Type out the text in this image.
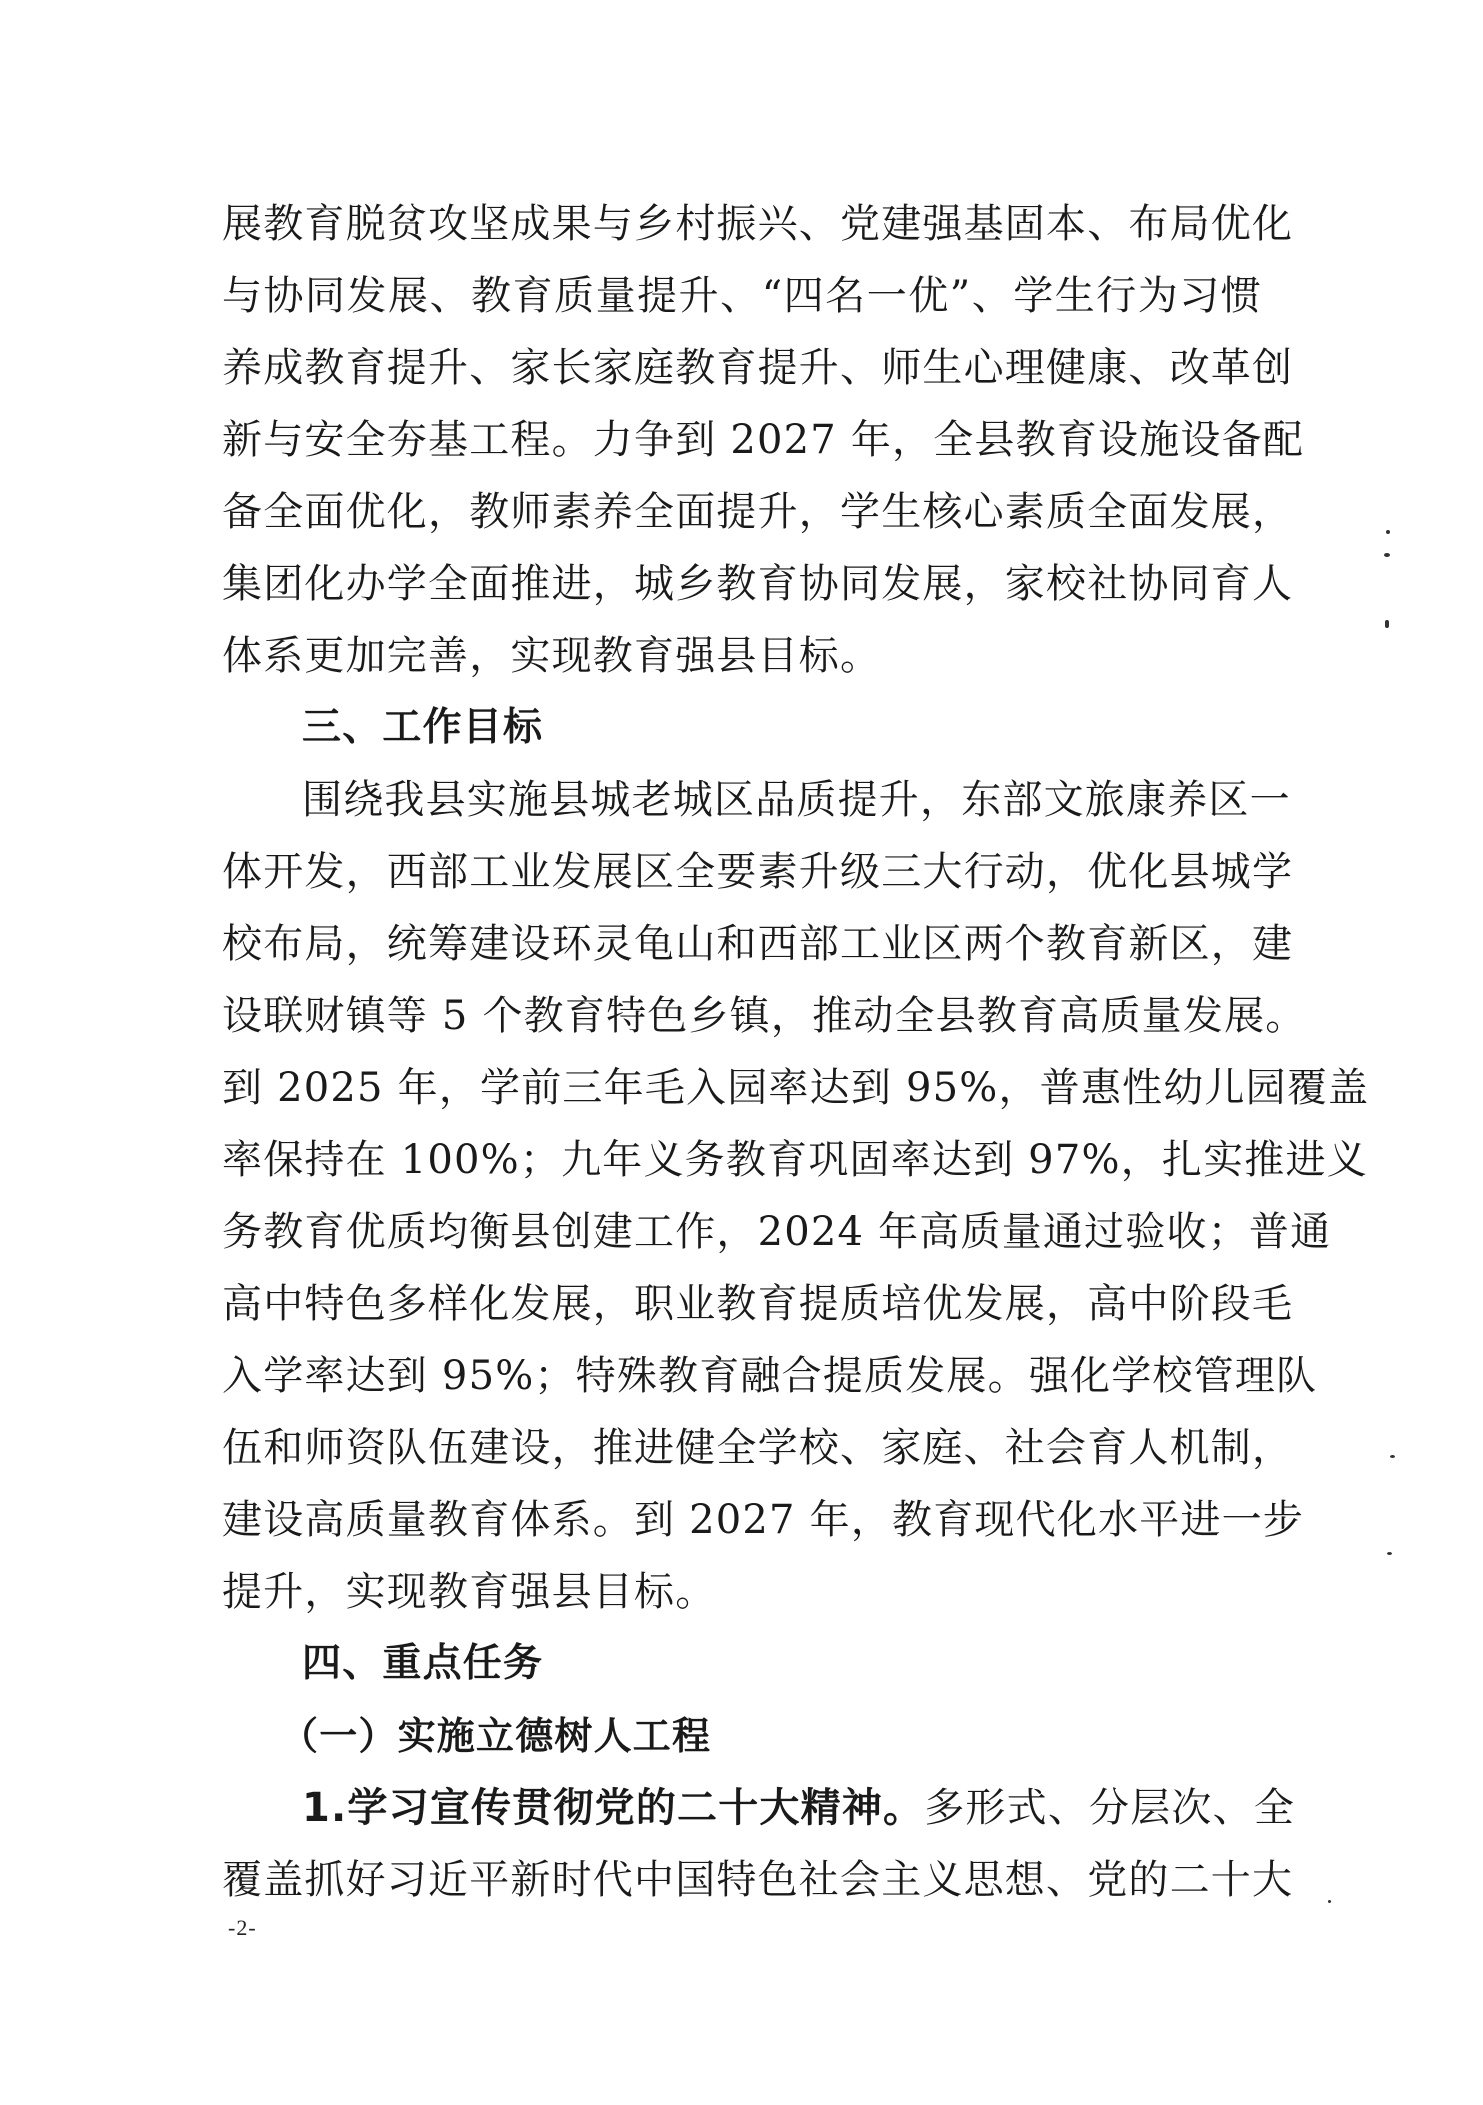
展教育脱贫攻坚成果与乡村振兴、党建强基固本、布局优化
与协同发展、教育质量提升、“四名一优”、学生行为习惯
养成教育提升、家长家庭教育提升、师生心理健康、改革创
新与安全夯基工程。力争到 2027 年，全县教育设施设备配
备全面优化，教师素养全面提升，学生核心素质全面发展，
集团化办学全面推进，城乡教育协同发展，家校社协同育人
体系更加完善，实现教育强县目标。
三、工作目标
围绕我县实施县城老城区品质提升，东部文旅康养区一
体开发，西部工业发展区全要素升级三大行动，优化县城学
校布局，统筹建设环灵龟山和西部工业区两个教育新区，建
设联财镇等 5 个教育特色乡镇，推动全县教育高质量发展。
到 2025 年，学前三年毛入园率达到 95%，普惠性幼儿园覆盖
率保持在 100%；九年义务教育巩固率达到 97%，扎实推进义
务教育优质均衡县创建工作，2024 年高质量通过验收；普通
高中特色多样化发展，职业教育提质培优发展，高中阶段毛
入学率达到 95%；特殊教育融合提质发展。强化学校管理队
伍和师资队伍建设，推进健全学校、家庭、社会育人机制，
建设高质量教育体系。到 2027 年，教育现代化水平进一步
提升，实现教育强县目标。
四、重点任务
（一）实施立德树人工程
1.学习宣传贯彻党的二十大精神。多形式、分层次、全
覆盖抓好习近平新时代中国特色社会主义思想、党的二十大
-2-
